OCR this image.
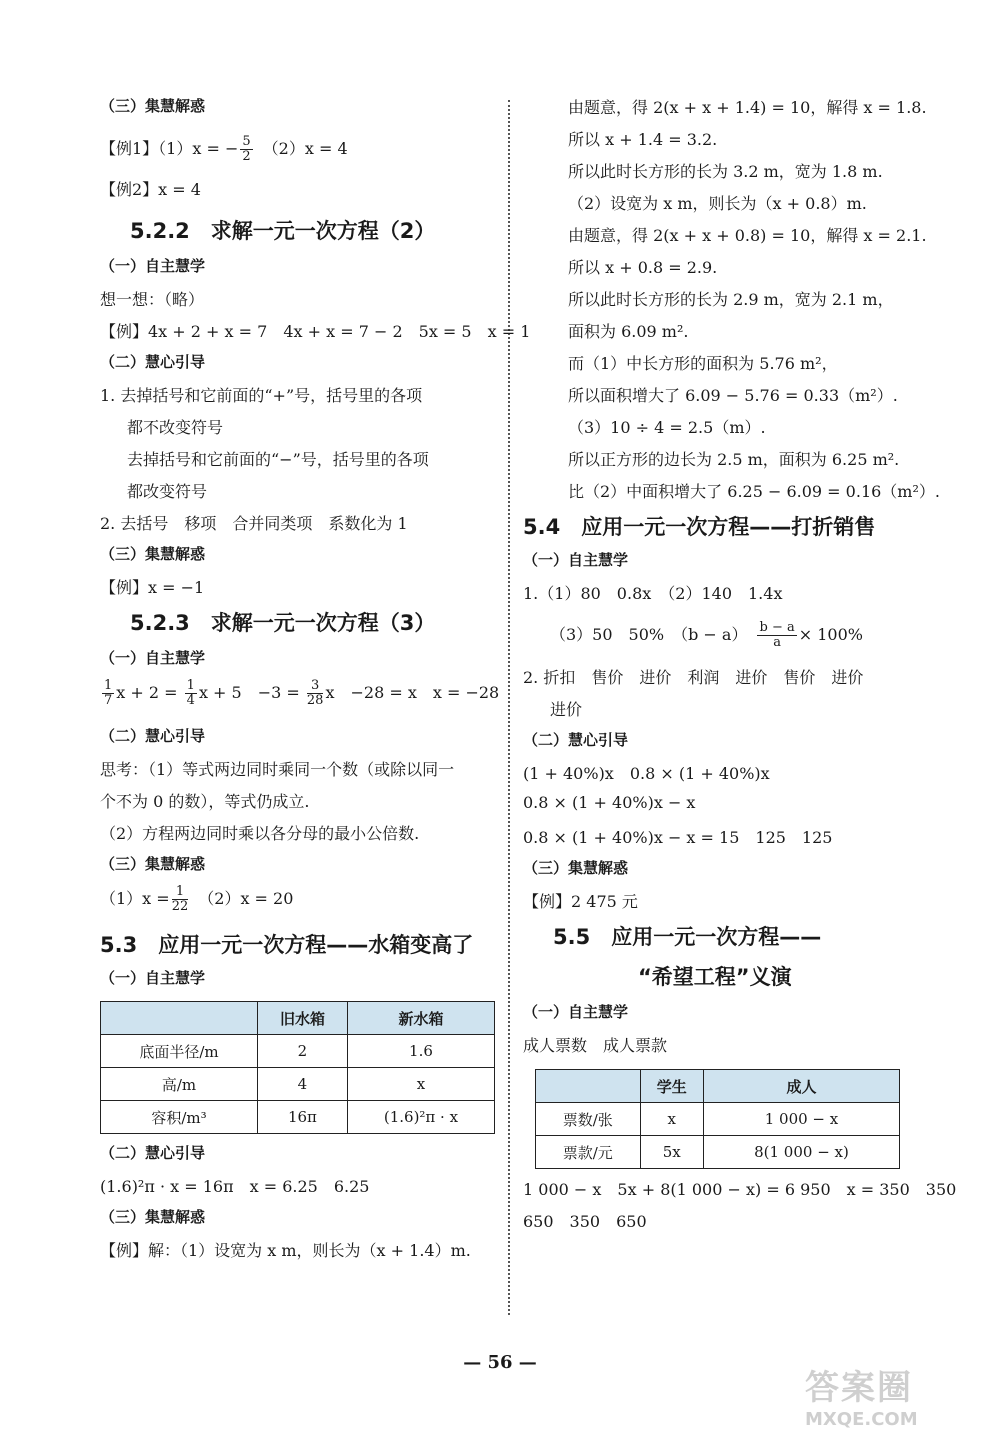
（三）集慧解惑
【例1】（1）x = − $\frac{5}{2}$
　 （2）x = 4
【例2】x = 4
5.2.2　求解一元一次方程（2）
（一）自主慧学
想一想：（略）
【例】4x + 2 + x = 7　4x + x = 7 − 2　5x = 5　x = 1
（二）慧心引导
1. 去掉括号和它前面的“+”号，括号里的各项
都不改变符号
去掉括号和它前面的“−”号，括号里的各项
都改变符号
2. 去括号　移项　合并同类项　系数化为 1
（三）集慧解惑
【例】x = −1
5.2.3　求解一元一次方程（3）
（一）自主慧学
$\frac{1}{7}$ $x + 2 = \frac{1}{4}$ x + 5　$-3 = \frac{3}{28}$ x　−28 = x　x = −28
（二）慧心引导
思考：（1）等式两边同时乘同一个数（或除以同一
个不为 0 的数），等式仍成立.
（2）方程两边同时乘以各分母的最小公倍数.
（三）集慧解惑
$(1)x = \frac{1}{22}$
　 （2）x = 20
5.3　应用一元一次方程——水箱变高了
（一）自主慧学
	旧水箱	新水箱
底面半径/m	2	1.6
高/m	4	x
容积/m³	16π	(1.6)²π · x
（二）慧心引导
(1.6)²π · x = 16π　x = 6.25　6.25
（三）集慧解惑
【例】解：（1）设宽为 x m，则长为（x + 1.4）m.
由题意，得 2(x + x + 1.4) = 10，解得 x = 1.8.
所以 x + 1.4 = 3.2.
所以此时长方形的长为 3.2 m，宽为 1.8 m.
（2）设宽为 x m，则长为（x + 0.8）m.
由题意，得 2(x + x + 0.8) = 10，解得 x = 2.1.
所以 x + 0.8 = 2.9.
所以此时长方形的长为 2.9 m，宽为 2.1 m，
面积为 6.09 m².
而（1）中长方形的面积为 5.76 m²，
所以面积增大了 6.09 − 5.76 = 0.33（m²）.
（3）10 ÷ 4 = 2.5（m）.
所以正方形的边长为 2.5 m，面积为 6.25 m².
比（2）中面积增大了 6.25 − 6.09 = 0.16（m²）.
5.4　应用一元一次方程——打折销售
（一）自主慧学
1.（1）80　0.8x　（2）140　1.4x
（3）50　50%　（b − a）　 $\frac{b - a}{a} \times 100\%$
2. 折扣　售价　进价　利润　进价　售价　进价
进价
（二）慧心引导
(1 + 40%)x　0.8 × (1 + 40%)x
0.8 × (1 + 40%)x − x
0.8 × (1 + 40%)x − x = 15　125　125
（三）集慧解惑
【例】2 475 元
5.5　应用一元一次方程——
“希望工程”义演
（一）自主慧学
成人票数　成人票款
	学生	成人
票数/张	x	1 000 − x
票款/元	5x	8(1 000 − x)
1 000 − x　5x + 8(1 000 − x) = 6 950　x = 350　350
650　350　650
— 56 —
答案圈
MXQE.COM
